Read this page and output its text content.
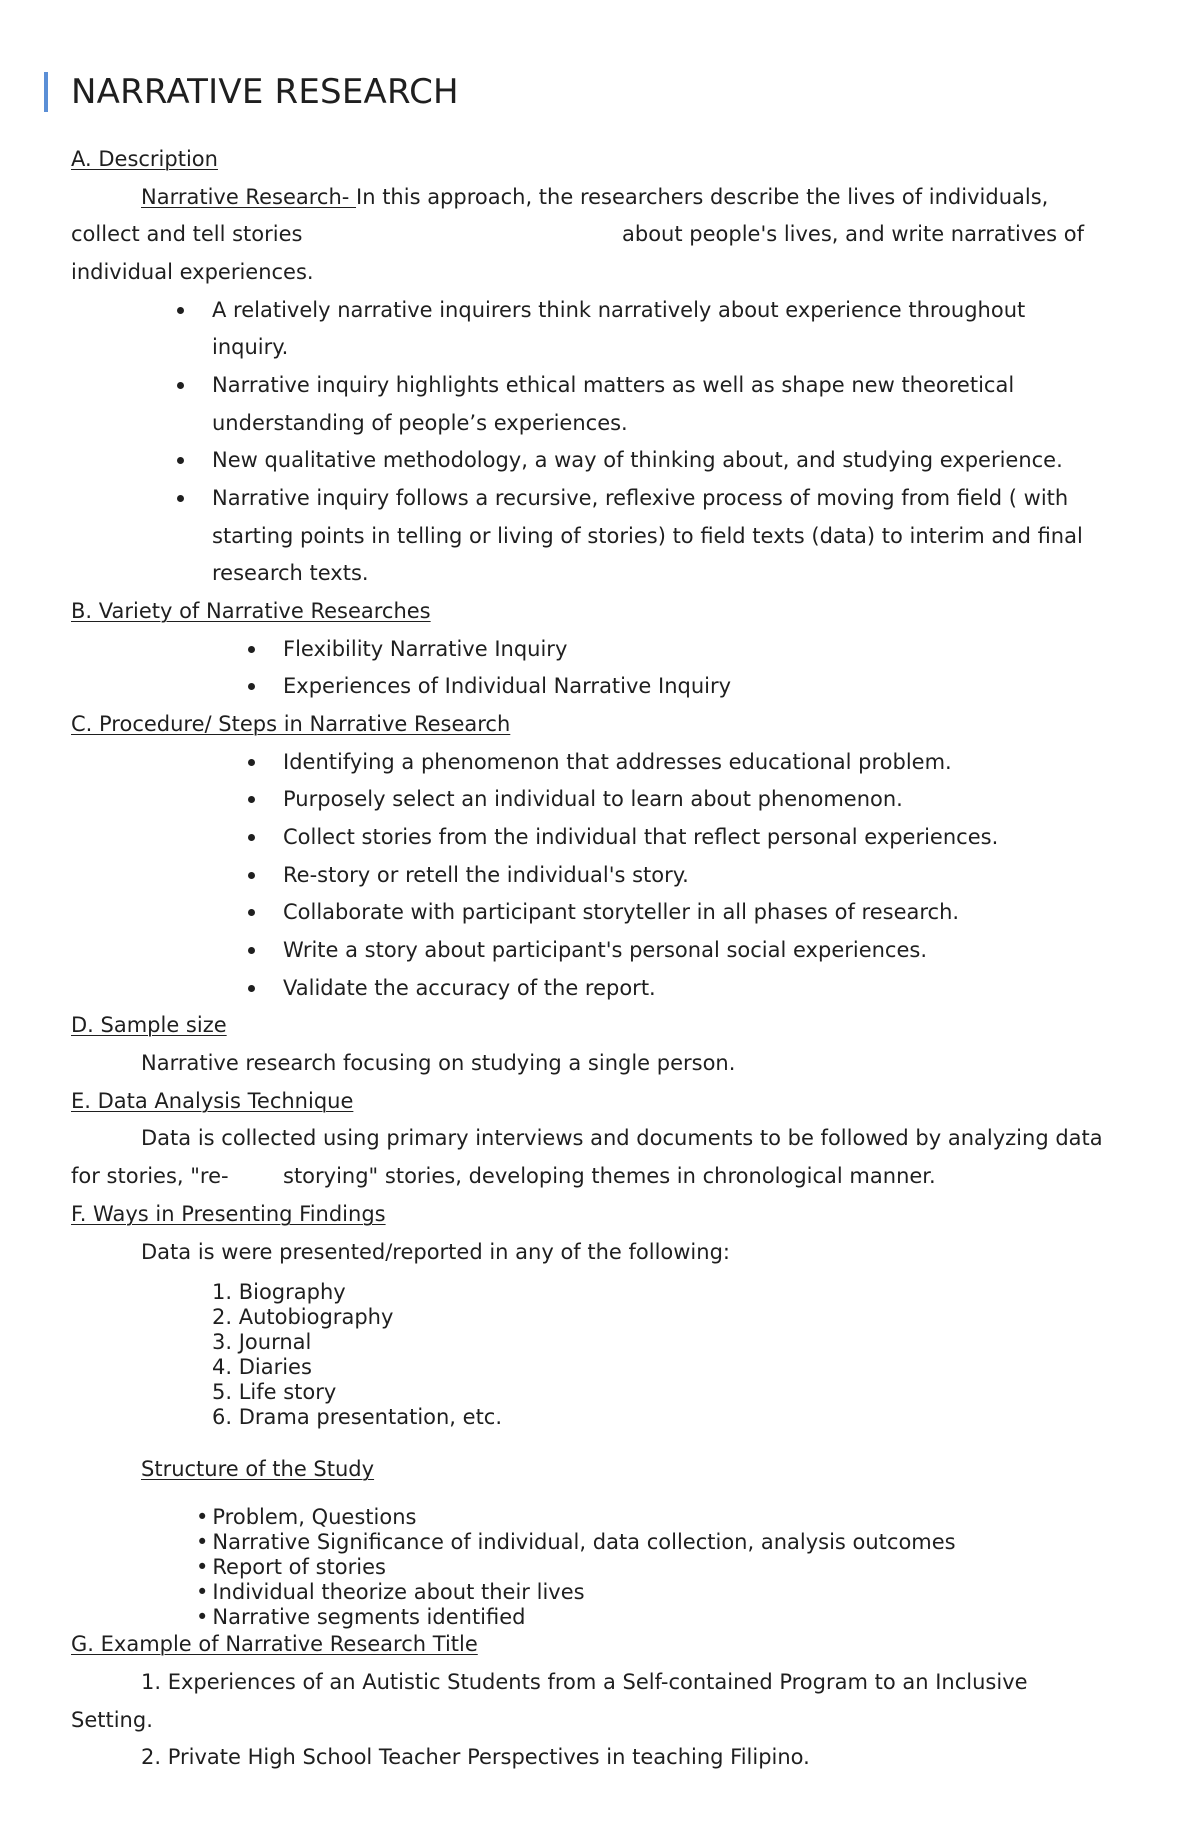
NARRATIVE RESEARCH
A. Description
Narrative Research- In this approach, the researchers describe the lives of individuals,
collect and tell stories	about people's lives, and write narratives of
individual experiences.
A relatively narrative inquirers think narratively about experience throughout
inquiry.
Narrative inquiry highlights ethical matters as well as shape new theoretical
understanding of people’s experiences.
New qualitative methodology, a way of thinking about, and studying experience.
Narrative inquiry follows a recursive, reflexive process of moving from field ( with
starting points in telling or living of stories) to field texts (data) to interim and final
research texts.
B. Variety of Narrative Researches
Flexibility Narrative Inquiry
Experiences of Individual Narrative Inquiry
C. Procedure/ Steps in Narrative Research
Identifying a phenomenon that addresses educational problem.
Purposely select an individual to learn about phenomenon.
Collect stories from the individual that reflect personal experiences.
Re-story or retell the individual's story.
Collaborate with participant storyteller in all phases of research.
Write a story about participant's personal social experiences.
Validate the accuracy of the report.
D. Sample size
Narrative research focusing on studying a single person.
E. Data Analysis Technique
Data is collected using primary interviews and documents to be followed by analyzing data
for stories, "re-	storying" stories, developing themes in chronological manner.
F. Ways in Presenting Findings
Data is were presented/reported in any of the following:
1. Biography
2. Autobiography
3. Journal
4. Diaries
5. Life story
6. Drama presentation, etc.
Structure of the Study
• Problem, Questions
• Narrative Significance of individual, data collection, analysis outcomes
• Report of stories
• Individual theorize about their lives
• Narrative segments identified
G. Example of Narrative Research Title
1. Experiences of an Autistic Students from a Self-contained Program to an Inclusive
Setting.
2. Private High School Teacher Perspectives in teaching Filipino.
